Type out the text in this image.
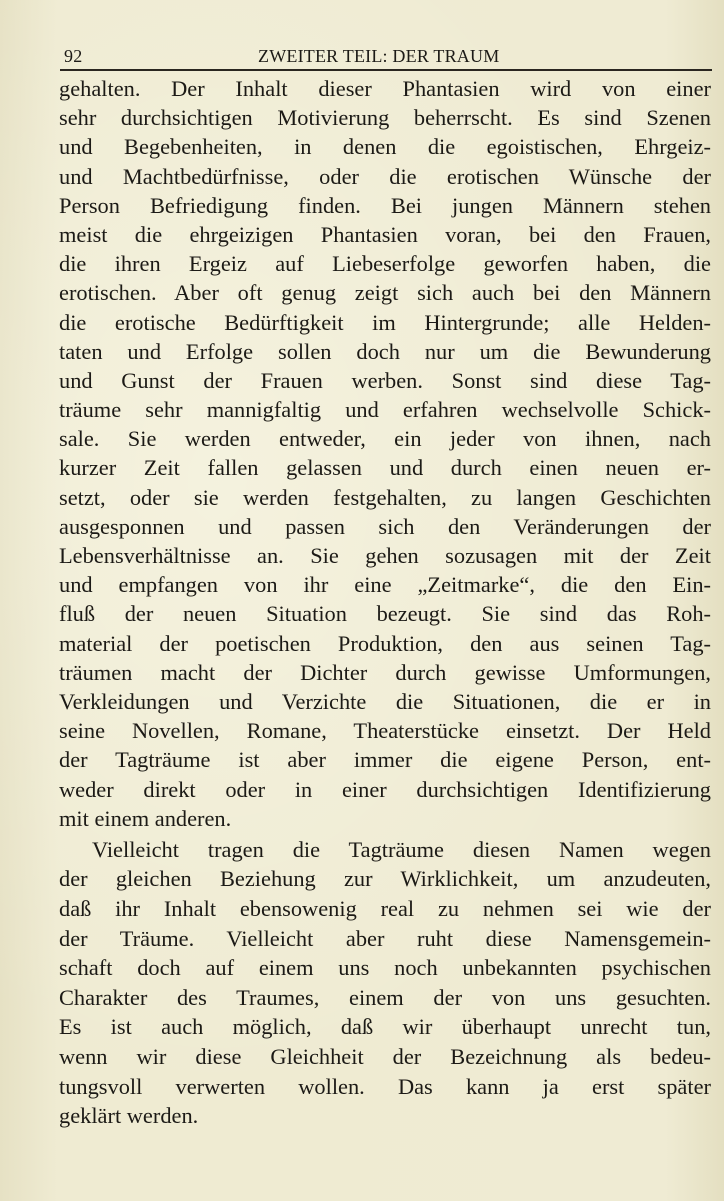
92	ZWEITER TEIL: DER TRAUM
gehalten. Der Inhalt dieser Phantasien wird von einer
sehr durchsichtigen Motivierung beherrscht. Es sind Szenen
und Begebenheiten, in denen die egoistischen, Ehrgeiz-
und Machtbedürfnisse, oder die erotischen Wünsche der
Person Befriedigung finden. Bei jungen Männern stehen
meist die ehrgeizigen Phantasien voran, bei den Frauen,
die ihren Ergeiz auf Liebeserfolge geworfen haben, die
erotischen. Aber oft genug zeigt sich auch bei den Männern
die erotische Bedürftigkeit im Hintergrunde; alle Helden-
taten und Erfolge sollen doch nur um die Bewunderung
und Gunst der Frauen werben. Sonst sind diese Tag-
träume sehr mannigfaltig und erfahren wechselvolle Schick-
sale. Sie werden entweder, ein jeder von ihnen, nach
kurzer Zeit fallen gelassen und durch einen neuen er-
setzt, oder sie werden festgehalten, zu langen Geschichten
ausgesponnen und passen sich den Veränderungen der
Lebensverhältnisse an. Sie gehen sozusagen mit der Zeit
und empfangen von ihr eine „Zeitmarke“, die den Ein-
fluß der neuen Situation bezeugt. Sie sind das Roh-
material der poetischen Produktion, den aus seinen Tag-
träumen macht der Dichter durch gewisse Umformungen,
Verkleidungen und Verzichte die Situationen, die er in
seine Novellen, Romane, Theaterstücke einsetzt. Der Held
der Tagträume ist aber immer die eigene Person, ent-
weder direkt oder in einer durchsichtigen Identifizierung
mit einem anderen.
Vielleicht tragen die Tagträume diesen Namen wegen
der gleichen Beziehung zur Wirklichkeit, um anzudeuten,
daß ihr Inhalt ebensowenig real zu nehmen sei wie der
der Träume. Vielleicht aber ruht diese Namensgemein-
schaft doch auf einem uns noch unbekannten psychischen
Charakter des Traumes, einem der von uns gesuchten.
Es ist auch möglich, daß wir überhaupt unrecht tun,
wenn wir diese Gleichheit der Bezeichnung als bedeu-
tungsvoll verwerten wollen. Das kann ja erst später
geklärt werden.
